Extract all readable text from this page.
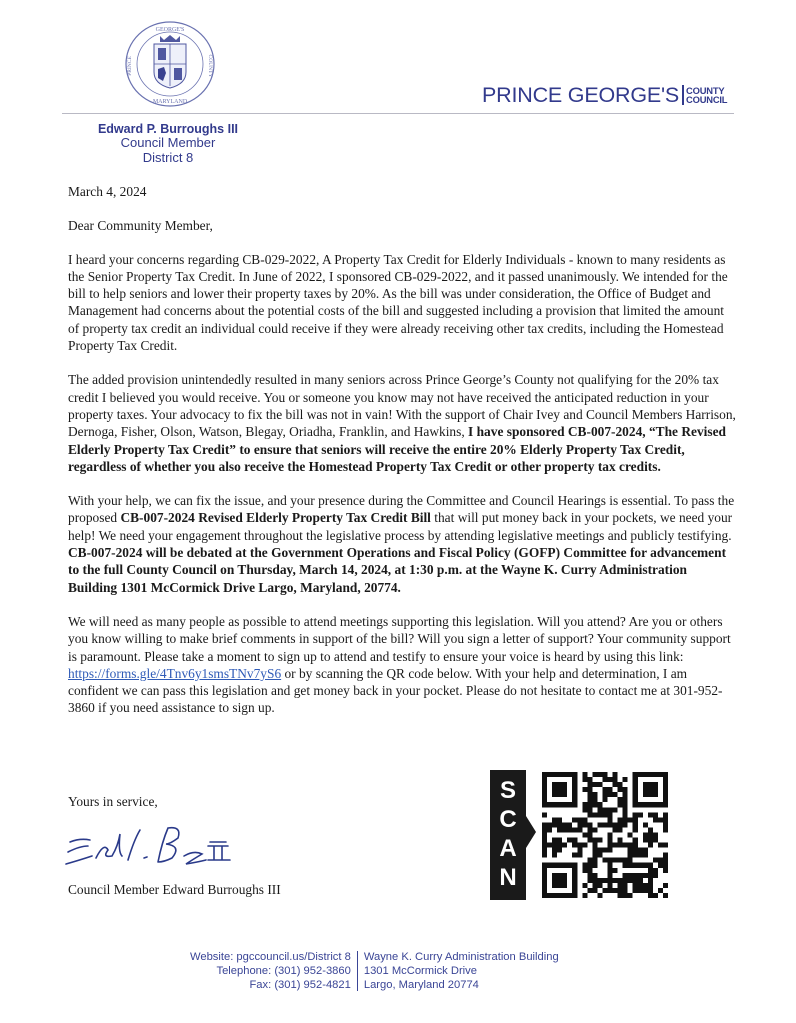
GEORGE'S
MARYLAND
PRINCE	COUNTY
PRINCE GEORGE'S COUNTY
COUNCIL
Edward P. Burroughs III
Council Member
District 8

March 4, 2024

Dear Community Member,

I heard your concerns regarding CB-029-2022, A Property Tax Credit for Elderly Individuals - known to many residents as the Senior Property Tax Credit. In June of 2022, I sponsored CB-029-2022, and it passed unanimously. We intended for the bill to help seniors and lower their property taxes by 20%. As the bill was under consideration, the Office of Budget and Management had concerns about the potential costs of the bill and suggested including a provision that limited the amount of property tax credit an individual could receive if they were already receiving other tax credits, including the Homestead Property Tax Credit.

The added provision unintendedly resulted in many seniors across Prince George’s County not qualifying for the 20% tax credit I believed you would receive. You or someone you know may not have received the anticipated reduction in your property taxes. Your advocacy to fix the bill was not in vain! With the support of Chair Ivey and Council Members Harrison, Dernoga, Fisher, Olson, Watson, Blegay, Oriadha, Franklin, and Hawkins, I have sponsored CB-007-2024, “The Revised Elderly Property Tax Credit” to ensure that seniors will receive the entire 20% Elderly Property Tax Credit, regardless of whether you also receive the Homestead Property Tax Credit or other property tax credits.

With your help, we can fix the issue, and your presence during the Committee and Council Hearings is essential. To pass the proposed CB-007-2024 Revised Elderly Property Tax Credit Bill that will put money back in your pockets, we need your help! We need your engagement throughout the legislative process by attending legislative meetings and publicly testifying. CB-007-2024 will be debated at the Government Operations and Fiscal Policy (GOFP) Committee for advancement to the full County Council on Thursday, March 14, 2024, at 1:30 p.m. at the Wayne K. Curry Administration Building 1301 McCormick Drive Largo, Maryland, 20774.

We will need as many people as possible to attend meetings supporting this legislation. Will you attend? Are you or others you know willing to make brief comments in support of the bill? Will you sign a letter of support? Your community support is paramount. Please take a moment to sign up to attend and testify to ensure your voice is heard by using this link: https://forms.gle/4Tnv6y1smsTNv7yS6 or by scanning the QR code below. With your help and determination, I am confident we can pass this legislation and get money back in your pocket. Please do not hesitate to contact me at 301-952-3860 if you need assistance to sign up.

Yours in service,
Council Member Edward Burroughs III
S
C
A
N
Website: pgccouncil.us/District 8
Telephone: (301) 952-3860
Fax: (301) 952-4821
Wayne K. Curry Administration Building
1301 McCormick Drive
Largo, Maryland 20774
